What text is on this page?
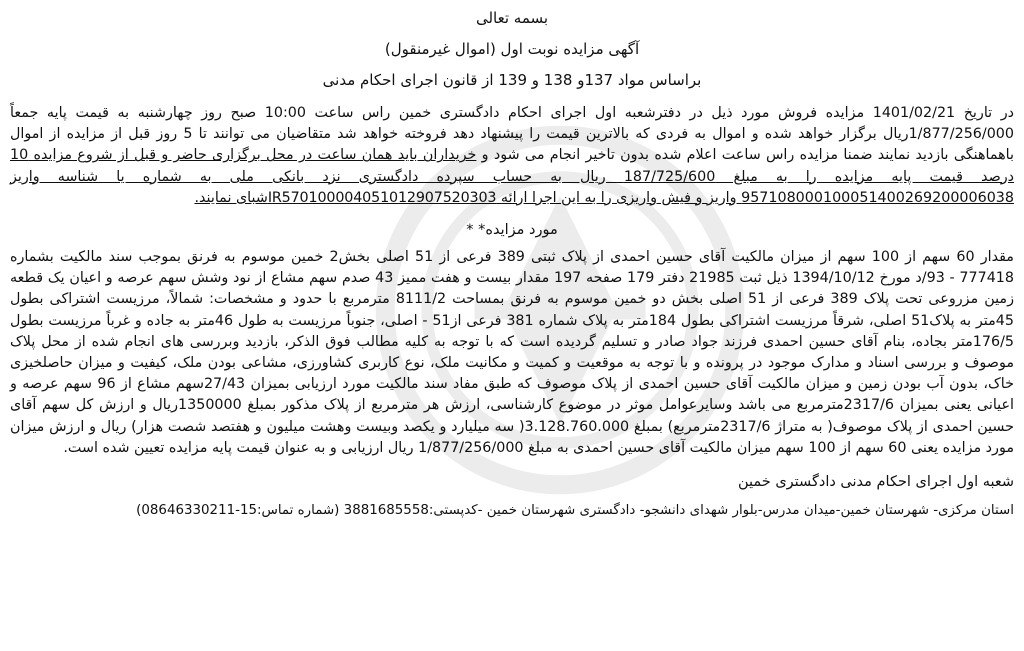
بسمه تعالی
آگهی مزایده نوبت اول (اموال غیرمنقول)
براساس مواد 137و 138 و 139 از قانون اجرای احکام مدنی
در تاریخ 1401/02/21 مزایده فروش مورد ذیل در دفترشعبه اول اجرای احکام دادگستری خمین راس ساعت 10:00 صبح روز چهارشنبه به قیمت پایه جمعاً 1/877/256/000ریال برگزار خواهد شده و اموال به فردی که بالاترین قیمت را پیشنهاد دهد فروخته خواهد شد متقاضیان می توانند تا 5 روز قبل از مزایده از اموال باهماهنگی بازدید نمایند ضمنا مزایده راس ساعت اعلام شده بدون تاخیر انجام می شود و خریداران باید همان ساعت در محل برگزاری حاضر و قبل از شروع مزایده 10 درصد قیمت پایه مزایده را به مبلغ 187/725/600 ریال به حساب سپرده دادگستری نزد بانکی ملی به شماره یا شناسه واریز 957108000100051400269200006038 واریز و فیش واریزی را به این اجرا ارائه IR570100004051012907520303شبای نمایند.
مورد مزایده* *
مقدار 60 سهم از 100 سهم از میزان مالکیت آقای حسین احمدی از پلاک ثبتی 389 فرعی از 51 اصلی بخش2 خمین موسوم به فرنق بموجب سند مالکیت بشماره 777418 - 93/د مورخ 1394/10/12 ذیل ثبت 21985 دفتر 179 صفحه 197 مقدار بیست و هفت ممیز 43 صدم سهم مشاع از نود وشش سهم عرصه و اعیان یک قطعه زمین مزروعی تحت پلاک 389 فرعی از 51 اصلی بخش دو خمین موسوم به فرنق بمساحت 8111/2 مترمربع با حدود و مشخصات: شمالاً، مرزیست اشتراکی بطول 45متر به پلاک51 اصلی، شرقاً مرزیست اشتراکی بطول 184متر به پلاک شماره 381 فرعی از51 - اصلی، جنوباً مرزیست به طول 46متر به جاده و غرباً مرزیست بطول 176/5متر بجاده، بنام آقای حسین احمدی فرزند جواد صادر و تسلیم گردیده است که با توجه به کلیه مطالب فوق الذکر، بازدید وبررسی های انجام شده از محل پلاک موصوف و بررسی اسناد و مدارک موجود در پرونده و با توجه به موقعیت و کمیت و مکانیت ملک، نوع کاربری کشاورزی، مشاعی بودن ملک، کیفیت و میزان حاصلخیزی خاک، بدون آب بودن زمین و میزان مالکیت آقای حسین احمدی از پلاک موصوف که طبق مفاد سند مالکیت مورد ارزیابی بمیزان 27/43سهم مشاع از 96 سهم عرصه و اعیانی یعنی بمیزان 2317/6مترمربع می باشد وسایرعوامل موثر در موضوع کارشناسی، ارزش هر مترمربع از پلاک مذکور بمبلغ 1350000ریال و ارزش کل سهم آقای حسین احمدی از پلاک موصوف( به متراژ 2317/6مترمربع) بمبلغ 3.128.760.000( سه میلیارد و یکصد وبیست وهشت میلیون و هفتصد شصت هزار) ریال و ارزش میزان مورد مزایده یعنی 60 سهم از 100 سهم میزان مالکیت آقای حسین احمدی به مبلغ 1/877/256/000 ریال ارزیابی و به عنوان قیمت پایه مزایده تعیین شده است.
شعبه اول اجرای احکام مدنی دادگستری خمین
استان مرکزی- شهرستان خمین-میدان مدرس-بلوار شهدای دانشجو- دادگستری شهرستان خمین -کدپستی:3881685558 (شماره تماس:15-08646330211)
